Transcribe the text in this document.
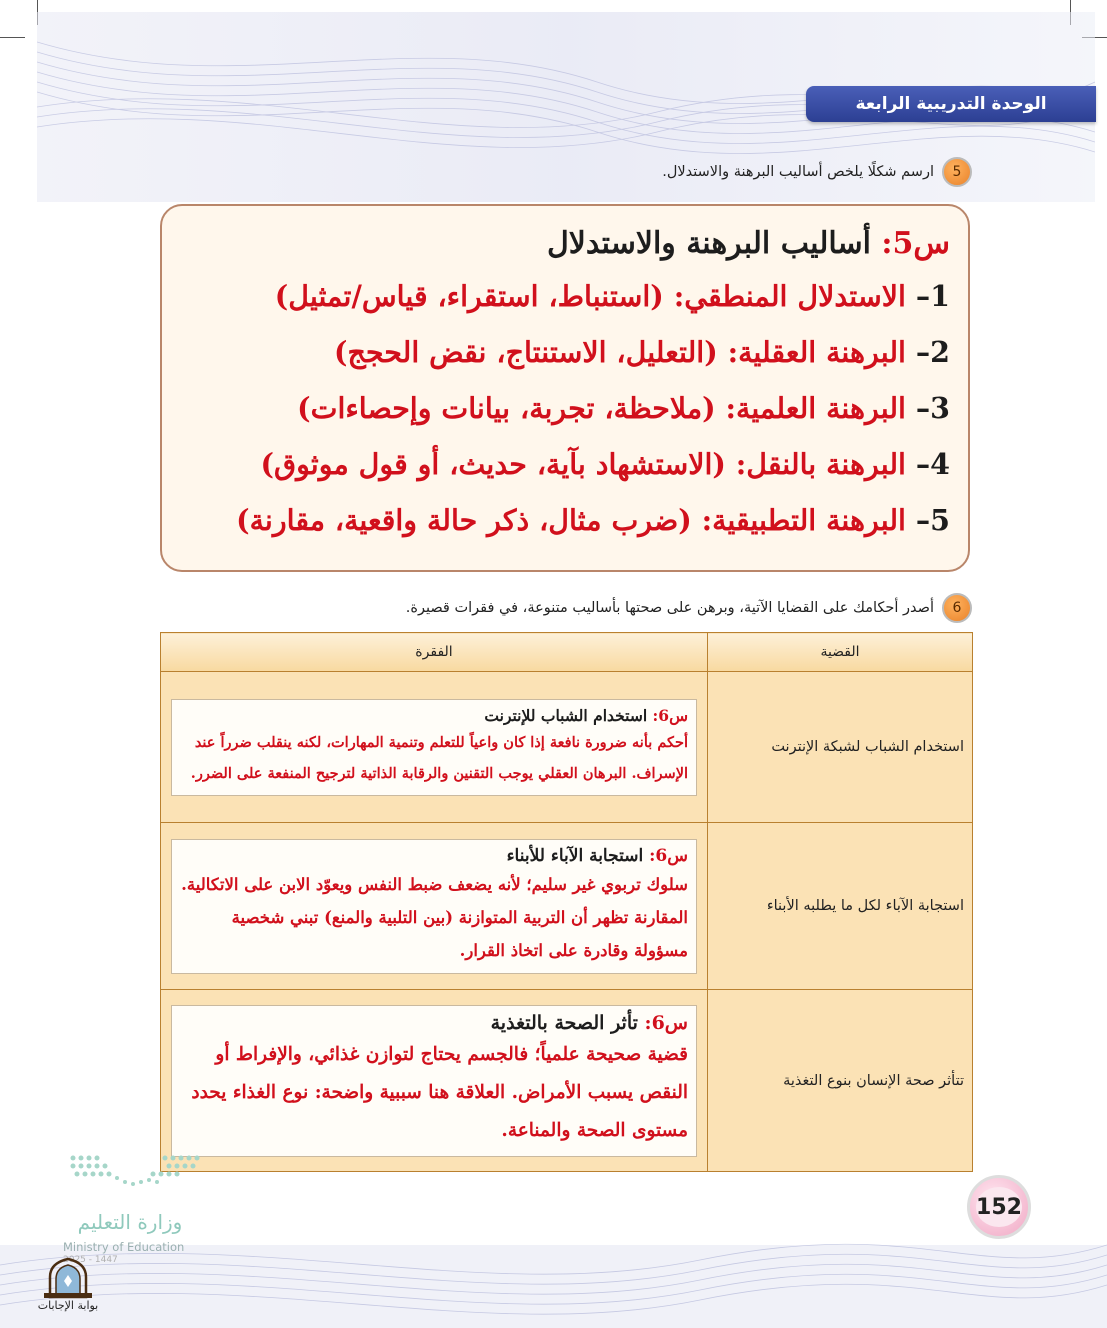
الوحدة التدريبية الرابعة
5
ارسم شكلًا يلخص أساليب البرهنة والاستدلال.
س5: أساليب البرهنة والاستدلال
1– الاستدلال المنطقي: (استنباط، استقراء، قياس/تمثيل)
2– البرهنة العقلية: (التعليل، الاستنتاج، نقض الحجج)
3– البرهنة العلمية: (ملاحظة، تجربة، بيانات وإحصاءات)
4– البرهنة بالنقل: (الاستشهاد بآية، حديث، أو قول موثوق)
5– البرهنة التطبيقية: (ضرب مثال، ذكر حالة واقعية، مقارنة)
6
أصدر أحكامك على القضايا الآتية، وبرهن على صحتها بأساليب متنوعة، في فقرات قصيرة.
القضية	الفقرة
استخدام الشباب لشبكة الإنترنت	س6: استخدام الشباب للإنترنت
أحكم بأنه ضرورة نافعة إذا كان واعياً للتعلم وتنمية المهارات، لكنه ينقلب ضرراً عند الإسراف. البرهان العقلي يوجب التقنين والرقابة الذاتية لترجيح المنفعة على الضرر.

استجابة الآباء لكل ما يطلبه الأبناء	س6: استجابة الآباء للأبناء
سلوك تربوي غير سليم؛ لأنه يضعف ضبط النفس ويعوّد الابن على الاتكالية. المقارنة تظهر أن التربية المتوازنة (بين التلبية والمنع) تبني شخصية مسؤولة وقادرة على اتخاذ القرار.

تتأثر صحة الإنسان بنوع التغذية	س6: تأثر الصحة بالتغذية
قضية صحيحة علمياً؛ فالجسم يحتاج لتوازن غذائي، والإفراط أو النقص يسبب الأمراض. العلاقة هنا سببية واضحة: نوع الغذاء يحدد مستوى الصحة والمناعة.
152
وزارة التعليم
Ministry of Education
2025 - 1447
بوابة الإجابات
